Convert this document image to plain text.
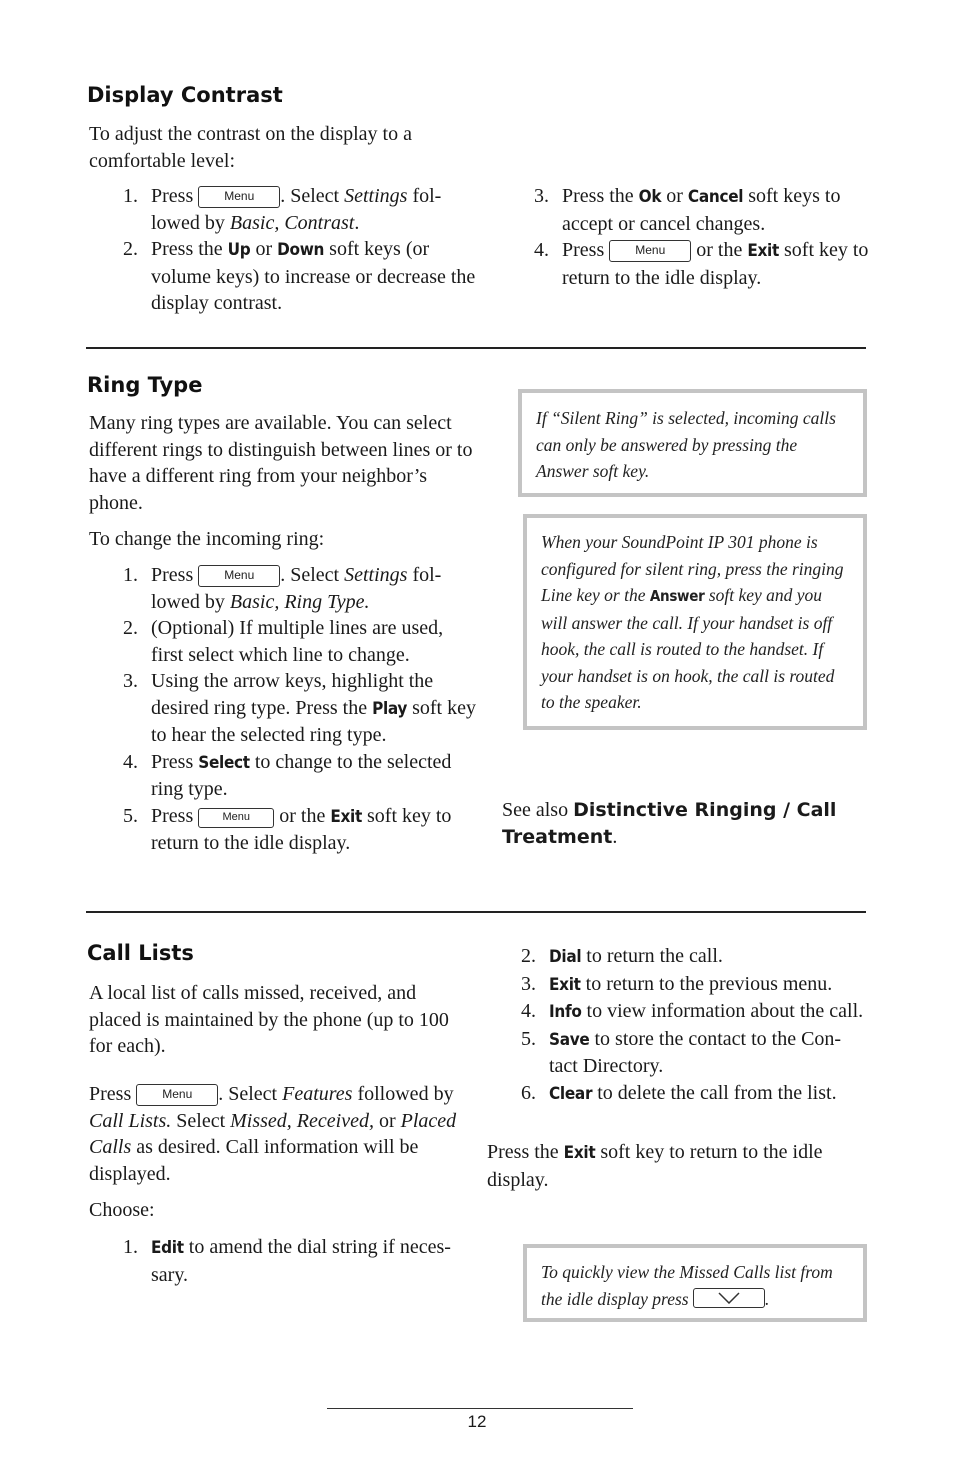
Display Contrast

To adjust the contrast on the display to a comfortable level:

1. Press	Menu . Select Settings fol- lowed by Basic, Contrast.
2. Press the Up or Down soft keys (or volume keys) to increase or decrease the display contrast.
3. Press the Ok or Cancel soft keys to accept or cancel changes.
4. Press	Menu or the Exit soft key to return to the idle display.
Ring Type

Many ring types are available. You can select different rings to distinguish between lines or to have a different ring from your neighbor’s phone.

To change the incoming ring:

1. Press	Menu . Select Settings fol- lowed by Basic, Ring Type.
2. (Optional) If multiple lines are used, first select which line to change.
3. Using the arrow keys, highlight the desired ring type. Press the Play soft key to hear the selected ring type.
4. Press Select to change to the selected ring type.
5. Press	Menu or the Exit soft key to return to the idle display.
If “Silent Ring” is selected, incoming calls can only be answered by pressing the Answer soft key.
When your SoundPoint IP 301 phone is configured for silent ring, press the ringing Line key or the Answer soft key and you will answer the call. If your handset is off hook, the call is routed to the handset. If your handset is on hook, the call is routed to the speaker.

See also Distinctive Ringing / Call Treatment.

Call Lists

A local list of calls missed, received, and placed is maintained by the phone (up to 100 for each).

Press	Menu . Select Features followed by Call Lists. Select Missed, Received, or Placed Calls as desired. Call information will be displayed.

Choose:

1. Edit to amend the dial string if neces-sary.
2. Dial to return the call.
3. Exit to return to the previous menu.
4. Info to view information about the call.
5. Save to store the contact to the Con-tact Directory.
6. Clear to delete the call from the list.

Press the Exit soft key to return to the idle display.

To quickly view the Missed Calls list from the idle display press	.
12
